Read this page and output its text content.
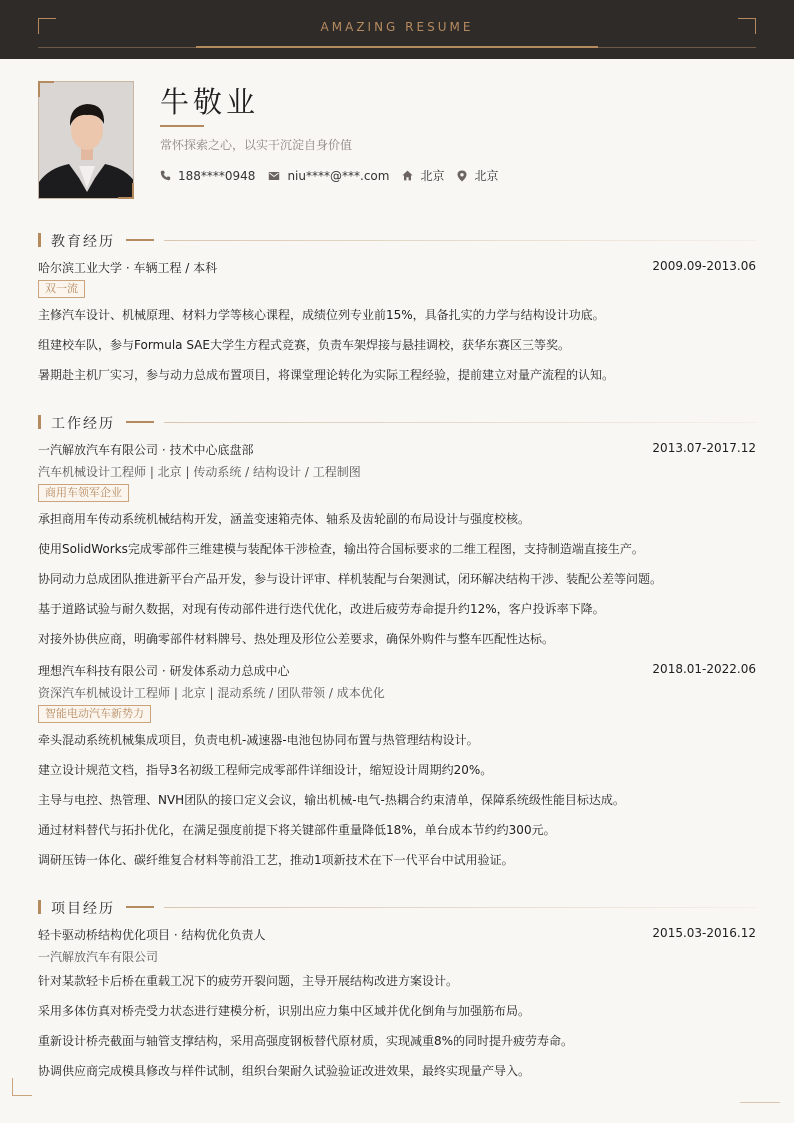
AMAZING RESUME
牛敬业
常怀探索之心，以实干沉淀自身价值
188****0948	niu****@***.com	北京	北京
教育经历
哈尔滨工业大学 · 车辆工程 / 本科	2009.09-2013.06
双一流
主修汽车设计、机械原理、材料力学等核心课程，成绩位列专业前15%，具备扎实的力学与结构设计功底。
组建校车队，参与Formula SAE大学生方程式竞赛，负责车架焊接与悬挂调校，获华东赛区三等奖。
暑期赴主机厂实习，参与动力总成布置项目，将课堂理论转化为实际工程经验，提前建立对量产流程的认知。
工作经历
一汽解放汽车有限公司 · 技术中心底盘部	2013.07-2017.12
汽车机械设计工程师 | 北京 | 传动系统 / 结构设计 / 工程制图
商用车领军企业
承担商用车传动系统机械结构开发，涵盖变速箱壳体、轴系及齿轮副的布局设计与强度校核。
使用SolidWorks完成零部件三维建模与装配体干涉检查，输出符合国标要求的二维工程图，支持制造端直接生产。
协同动力总成团队推进新平台产品开发，参与设计评审、样机装配与台架测试，闭环解决结构干涉、装配公差等问题。
基于道路试验与耐久数据，对现有传动部件进行迭代优化，改进后疲劳寿命提升约12%，客户投诉率下降。
对接外协供应商，明确零部件材料牌号、热处理及形位公差要求，确保外购件与整车匹配性达标。
理想汽车科技有限公司 · 研发体系动力总成中心	2018.01-2022.06
资深汽车机械设计工程师 | 北京 | 混动系统 / 团队带领 / 成本优化
智能电动汽车新势力
牵头混动系统机械集成项目，负责电机-减速器-电池包协同布置与热管理结构设计。
建立设计规范文档，指导3名初级工程师完成零部件详细设计，缩短设计周期约20%。
主导与电控、热管理、NVH团队的接口定义会议，输出机械-电气-热耦合约束清单，保障系统级性能目标达成。
通过材料替代与拓扑优化，在满足强度前提下将关键部件重量降低18%，单台成本节约约300元。
调研压铸一体化、碳纤维复合材料等前沿工艺，推动1项新技术在下一代平台中试用验证。
项目经历
轻卡驱动桥结构优化项目 · 结构优化负责人	2015.03-2016.12
一汽解放汽车有限公司
针对某款轻卡后桥在重载工况下的疲劳开裂问题，主导开展结构改进方案设计。
采用多体仿真对桥壳受力状态进行建模分析，识别出应力集中区域并优化倒角与加强筋布局。
重新设计桥壳截面与轴管支撑结构，采用高强度钢板替代原材质，实现减重8%的同时提升疲劳寿命。
协调供应商完成模具修改与样件试制，组织台架耐久试验验证改进效果，最终实现量产导入。
